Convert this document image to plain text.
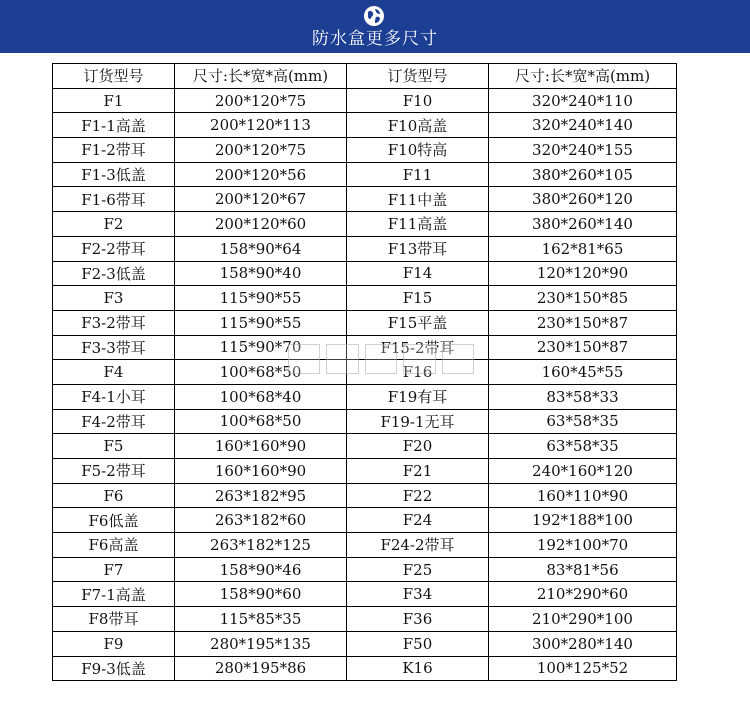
防水盒更多尺寸
订货型号	尺寸:长*宽*高(mm)	订货型号	尺寸:长*宽*高(mm)
F1	200*120*75	F10	320*240*110
F1-1高盖	200*120*113	F10高盖	320*240*140
F1-2带耳	200*120*75	F10特高	320*240*155
F1-3低盖	200*120*56	F11	380*260*105
F1-6带耳	200*120*67	F11中盖	380*260*120
F2	200*120*60	F11高盖	380*260*140
F2-2带耳	158*90*64	F13带耳	162*81*65
F2-3低盖	158*90*40	F14	120*120*90
F3	115*90*55	F15	230*150*85
F3-2带耳	115*90*55	F15平盖	230*150*87
F3-3带耳	115*90*70	F15-2带耳	230*150*87
F4	100*68*50	F16	160*45*55
F4-1小耳	100*68*40	F19有耳	83*58*33
F4-2带耳	100*68*50	F19-1无耳	63*58*35
F5	160*160*90	F20	63*58*35
F5-2带耳	160*160*90	F21	240*160*120
F6	263*182*95	F22	160*110*90
F6低盖	263*182*60	F24	192*188*100
F6高盖	263*182*125	F24-2带耳	192*100*70
F7	158*90*46	F25	83*81*56
F7-1高盖	158*90*60	F34	210*290*60
F8带耳	115*85*35	F36	210*290*100
F9	280*195*135	F50	300*280*140
F9-3低盖	280*195*86	K16	100*125*52
